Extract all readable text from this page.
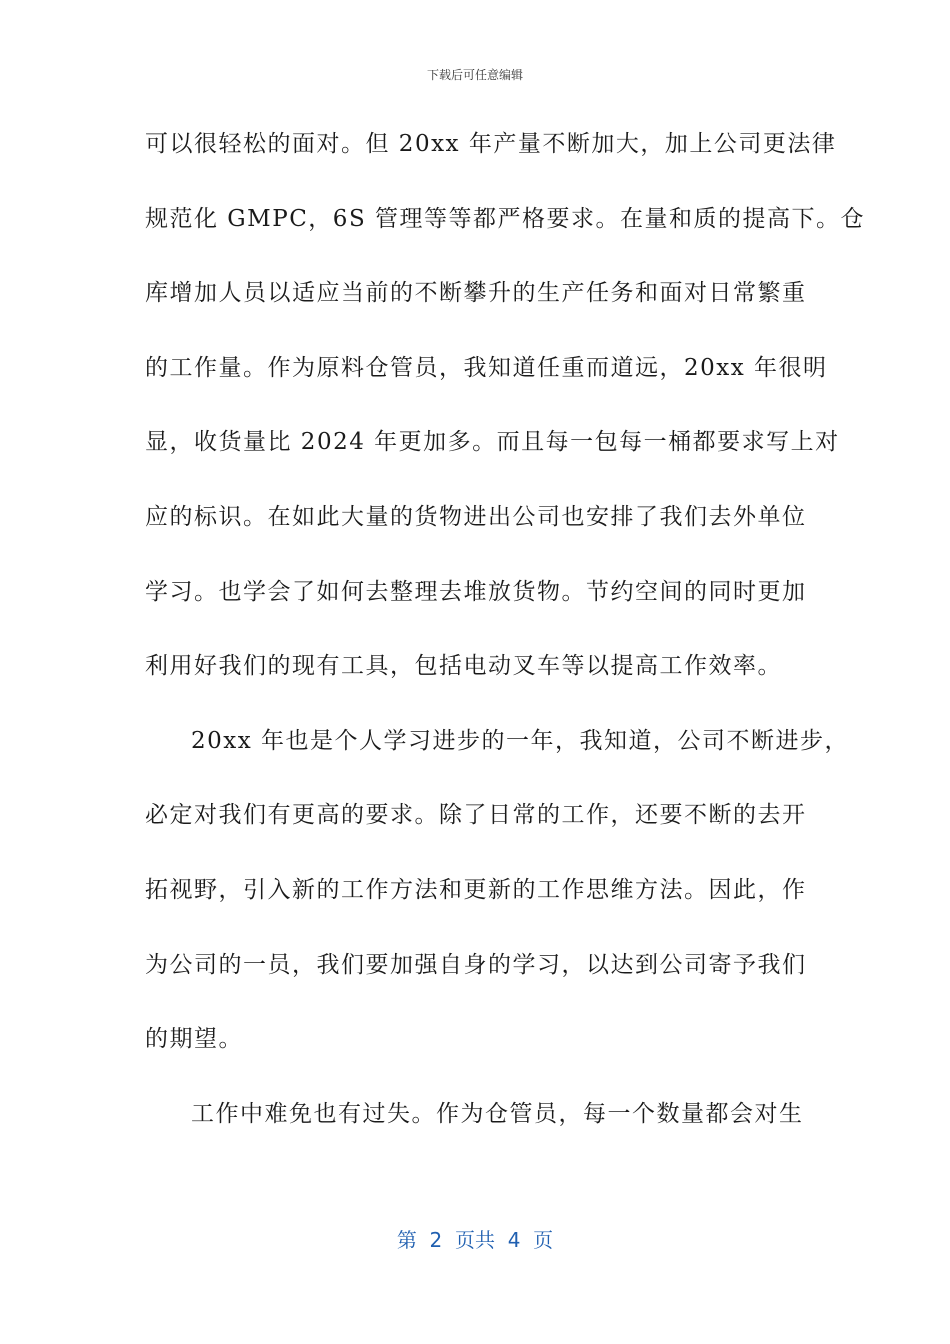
下载后可任意编辑
可以很轻松的面对。但 20xx 年产量不断加大，加上公司更法律
规范化 GMPC，6S 管理等等都严格要求。在量和质的提高下。仓
库增加人员以适应当前的不断攀升的生产任务和面对日常繁重
的工作量。作为原料仓管员，我知道任重而道远，20xx 年很明
显，收货量比 2024 年更加多。而且每一包每一桶都要求写上对
应的标识。在如此大量的货物进出公司也安排了我们去外单位
学习。也学会了如何去整理去堆放货物。节约空间的同时更加
利用好我们的现有工具，包括电动叉车等以提高工作效率。
20xx 年也是个人学习进步的一年，我知道，公司不断进步，
必定对我们有更高的要求。除了日常的工作，还要不断的去开
拓视野，引入新的工作方法和更新的工作思维方法。因此，作
为公司的一员，我们要加强自身的学习，以达到公司寄予我们
的期望。
工作中难免也有过失。作为仓管员，每一个数量都会对生
第  2  页共  4  页
